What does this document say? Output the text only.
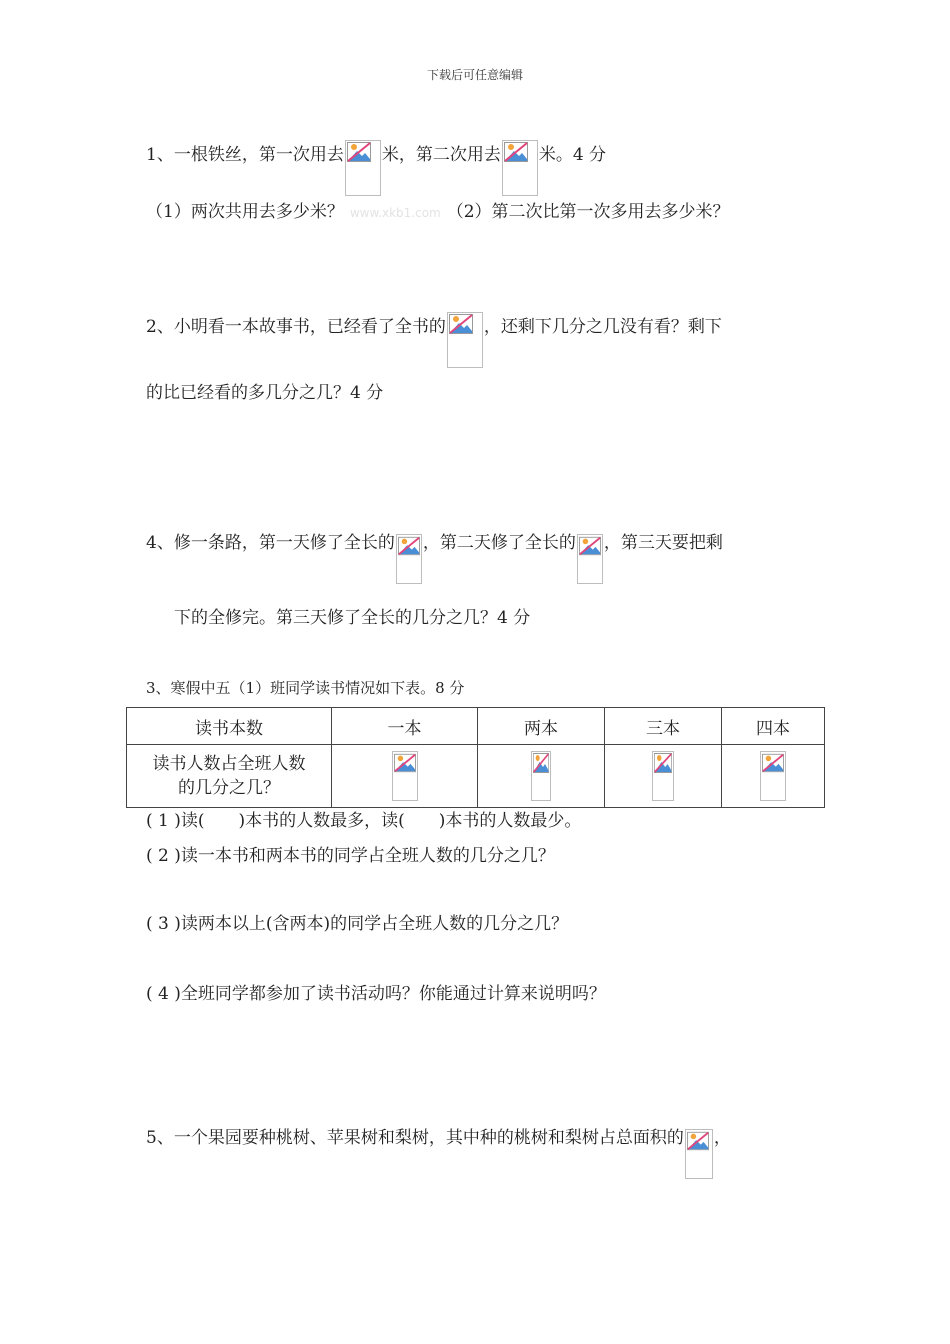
下载后可任意编辑
1、一根铁丝，第一次用去 米，第二次用去 米。4 分
（1）两次共用去多少米？ www.xkb1.com （2）第二次比第一次多用去多少米？
2、小明看一本故事书，已经看了全书的 ，还剩下几分之几没有看？剩下
的比已经看的多几分之几？4 分
4、修一条路，第一天修了全长的 ，第二天修了全长的 ，第三天要把剩
下的全修完。第三天修了全长的几分之几？4 分
3、寒假中五（1）班同学读书情况如下表。8 分
读书本数	一本	两本	三本	四本

读书人数占全班人数
的几分之几？

( 1 )读(　　)本书的人数最多，读(　　)本书的人数最少。
( 2 )读一本书和两本书的同学占全班人数的几分之几？
( 3 )读两本以上(含两本)的同学占全班人数的几分之几？
( 4 )全班同学都参加了读书活动吗？你能通过计算来说明吗？
5、一个果园要种桃树、苹果树和梨树，其中种的桃树和梨树占总面积的 ，
